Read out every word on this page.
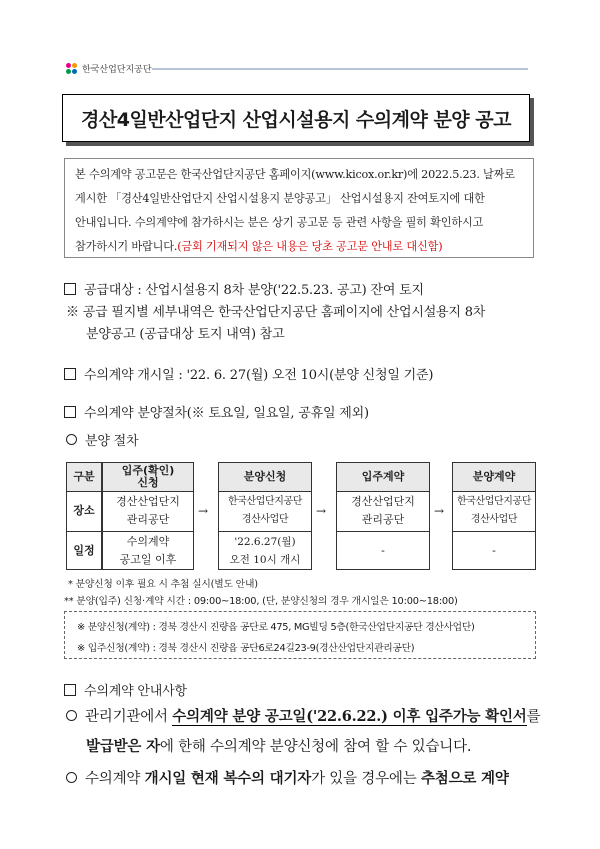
한국산업단지공단
경산4일반산업단지 산업시설용지 수의계약 분양 공고
본 수의계약 공고문은 한국산업단지공단 홈페이지(www.kicox.or.kr)에 2022.5.23. 날짜로
게시한 「경산4일반산업단지 산업시설용지 분양공고」 산업시설용지 잔여토지에 대한
안내입니다. 수의계약에 참가하시는 분은 상기 공고문 등 관련 사항을 필히 확인하시고
참가하시기 바랍니다.(금회 기재되지 않은 내용은 당초 공고문 안내로 대신함)
공급대상 : 산업시설용지 8차 분양('22.5.23. 공고) 잔여 토지
※ 공급 필지별 세부내역은 한국산업단지공단 홈페이지에 산업시설용지 8차
분양공고 (공급대상 토지 내역) 참고
수의계약 개시일 : '22. 6. 27(월) 오전 10시(분양 신청일 기준)
수의계약 분양절차(※ 토요일, 일요일, 공휴일 제외)
분양 절차
구분
장소
일정
입주(확인)
신청
경산산업단지
관리공단
수의계약
공고일 이후
→
분양신청
한국산업단지공단
경산사업단
'22.6.27(월)
오전 10시 개시
→
입주계약
경산산업단지
관리공단
-
→
분양계약
한국산업단지공단
경산사업단
-
* 분양신청 이후 필요 시 추첨 실시(별도 안내)
** 분양(입주) 신청·계약 시간 : 09:00~18:00, (단, 분양신청의 경우 개시일은 10:00~18:00)
※ 분양신청(계약) : 경북 경산시 진량읍 공단로 475, MG빌딩 5층(한국산업단지공단 경산사업단)
※ 입주신청(계약) : 경북 경산시 진량읍 공단6로24길23-9(경산산업단지관리공단)
수의계약 안내사항
관리기관에서 수의계약 분양 공고일('22.6.22.) 이후 입주가능 확인서를
발급받은 자에 한해 수의계약 분양신청에 참여 할 수 있습니다.
수의계약 개시일 현재 복수의 대기자가 있을 경우에는 추첨으로 계약
